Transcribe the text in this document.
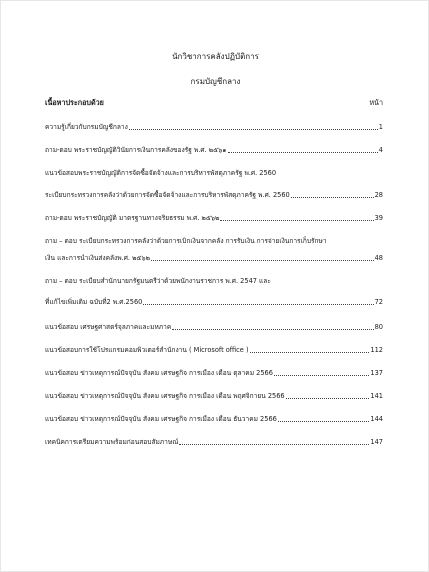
นักวิชาการคลังปฏิบัติการ
กรมบัญชีกลาง
เนื้อหาประกอบด้วย	หน้า
ความรู้เกี่ยวกับกรมบัญชีกลาง	1
ถาม-ตอบ พระราชบัญญัติวินัยการเงินการคลังของรัฐ พ.ศ. ๒๕๖๑	4
แนวข้อสอบพระราชบัญญัติการจัดซื้อจัดจ้างและการบริหารพัสดุภาครัฐ พ.ศ. 2560
ระเบียบกระทรวงการคลังว่าด้วยการจัดซื้อจัดจ้างและการบริหารพัสดุภาครัฐ พ.ศ. 2560	28
ถาม-ตอบ พระราชบัญญัติ มาตรฐานทางจริยธรรม พ.ศ. ๒๕๖๒	39
ถาม – ตอบ ระเบียบกระทรวงการคลังว่าด้วยการเบิกเงินจากคลัง การรับเงิน การจ่ายเงินการเก็บรักษา
เงิน และการนำเงินส่งคลังพ.ศ. ๒๕๖๒	48
ถาม – ตอบ ระเบียบสำนักนายกรัฐมนตรีว่าด้วยพนักงานราชการ พ.ศ. 2547 และ
ที่แก้ไขเพิ่มเติม ฉบับที่2 พ.ศ.2560	72
แนวข้อสอบ เศรษฐศาสตร์จุลภาคและมหภาค	80
แนวข้อสอบการใช้โปรแกรมคอมพิวเตอร์สำนักงาน ( Microsoft office )	112
แนวข้อสอบ ข่าวเหตุการณ์ปัจจุบัน สังคม เศรษฐกิจ การเมือง เดือน ตุลาคม 2566	137
แนวข้อสอบ ข่าวเหตุการณ์ปัจจุบัน สังคม เศรษฐกิจ การเมือง เดือน พฤศจิกายน 2566	141
แนวข้อสอบ ข่าวเหตุการณ์ปัจจุบัน สังคม เศรษฐกิจ การเมือง เดือน ธันวาคม 2566	144
เทคนิคการเตรียมความพร้อมก่อนสอบสัมภาษณ์	147
